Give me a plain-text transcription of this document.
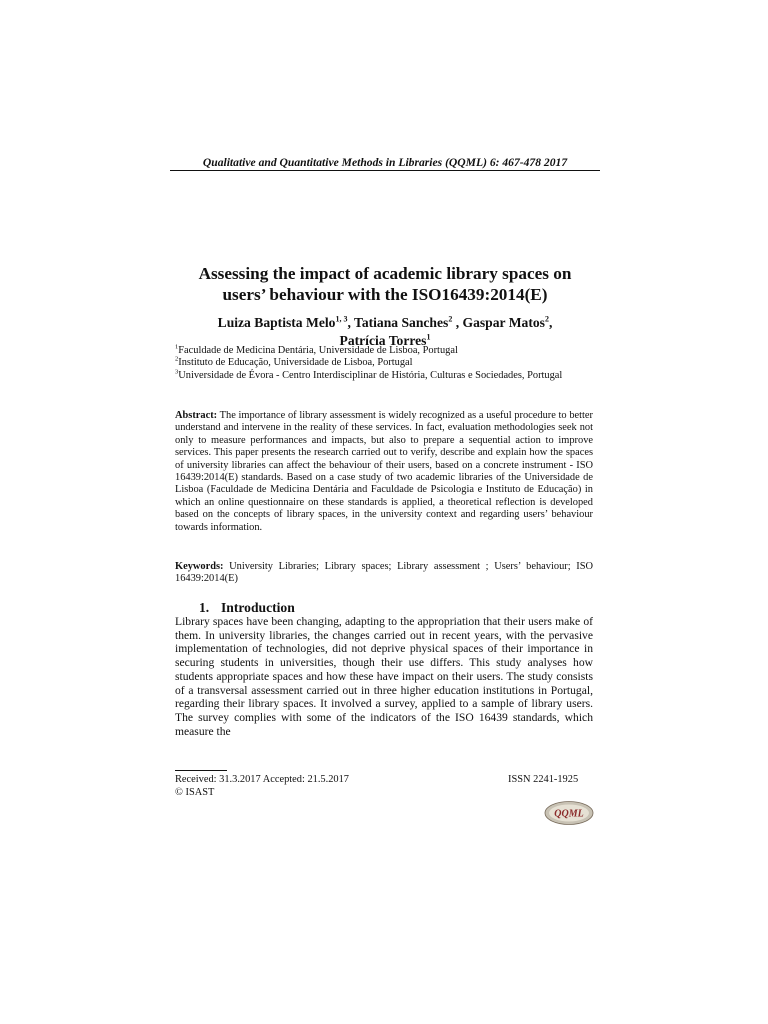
Qualitative and Quantitative Methods in Libraries (QQML) 6: 467-478 2017
Assessing the impact of academic library spaces on users’ behaviour with the ISO16439:2014(E)
Luiza Baptista Melo$^{1, 3}$, Tatiana Sanches$^2$ , Gaspar Matos$^2$,
Patrícia Torres$^1$
$^1$Faculdade de Medicina Dentária, Universidade de Lisboa, Portugal
$^2$Instituto de Educação, Universidade de Lisboa, Portugal
$^3$Universidade de Évora - Centro Interdisciplinar de História, Culturas e Sociedades, Portugal

Abstract: The importance of library assessment is widely recognized as a useful procedure to better understand and intervene in the reality of these services. In fact, evaluation methodologies seek not only to measure performances and impacts, but also to prepare a sequential action to improve services. This paper presents the research carried out to verify, describe and explain how the spaces of university libraries can affect the behaviour of their users, based on a concrete instrument - ISO 16439:2014(E) standards. Based on a case study of two academic libraries of the Universidade de Lisboa (Faculdade de Medicina Dentária and Faculdade de Psicologia e Instituto de Educação) in which an online questionnaire on these standards is applied, a theoretical reflection is developed based on the concepts of library spaces, in the university context and regarding users’ behaviour towards information.

Keywords: University Libraries; Library spaces; Library assessment ; Users’ behaviour; ISO 16439:2014(E)

1. Introduction

Library spaces have been changing, adapting to the appropriation that their users make of them. In university libraries, the changes carried out in recent years, with the pervasive implementation of technologies, did not deprive physical spaces of their importance in securing students in universities, though their use differs. This study analyses how students appropriate spaces and how these have impact on their users. The study consists of a transversal assessment carried out in three higher education institutions in Portugal, regarding their library spaces. It involved a survey, applied to a sample of library users. The survey complies with some of the indicators of the ISO 16439 standards, which measure the

Received: 31.3.2017 Accepted: 21.5.2017
© ISAST
ISSN 2241-1925
QQML
